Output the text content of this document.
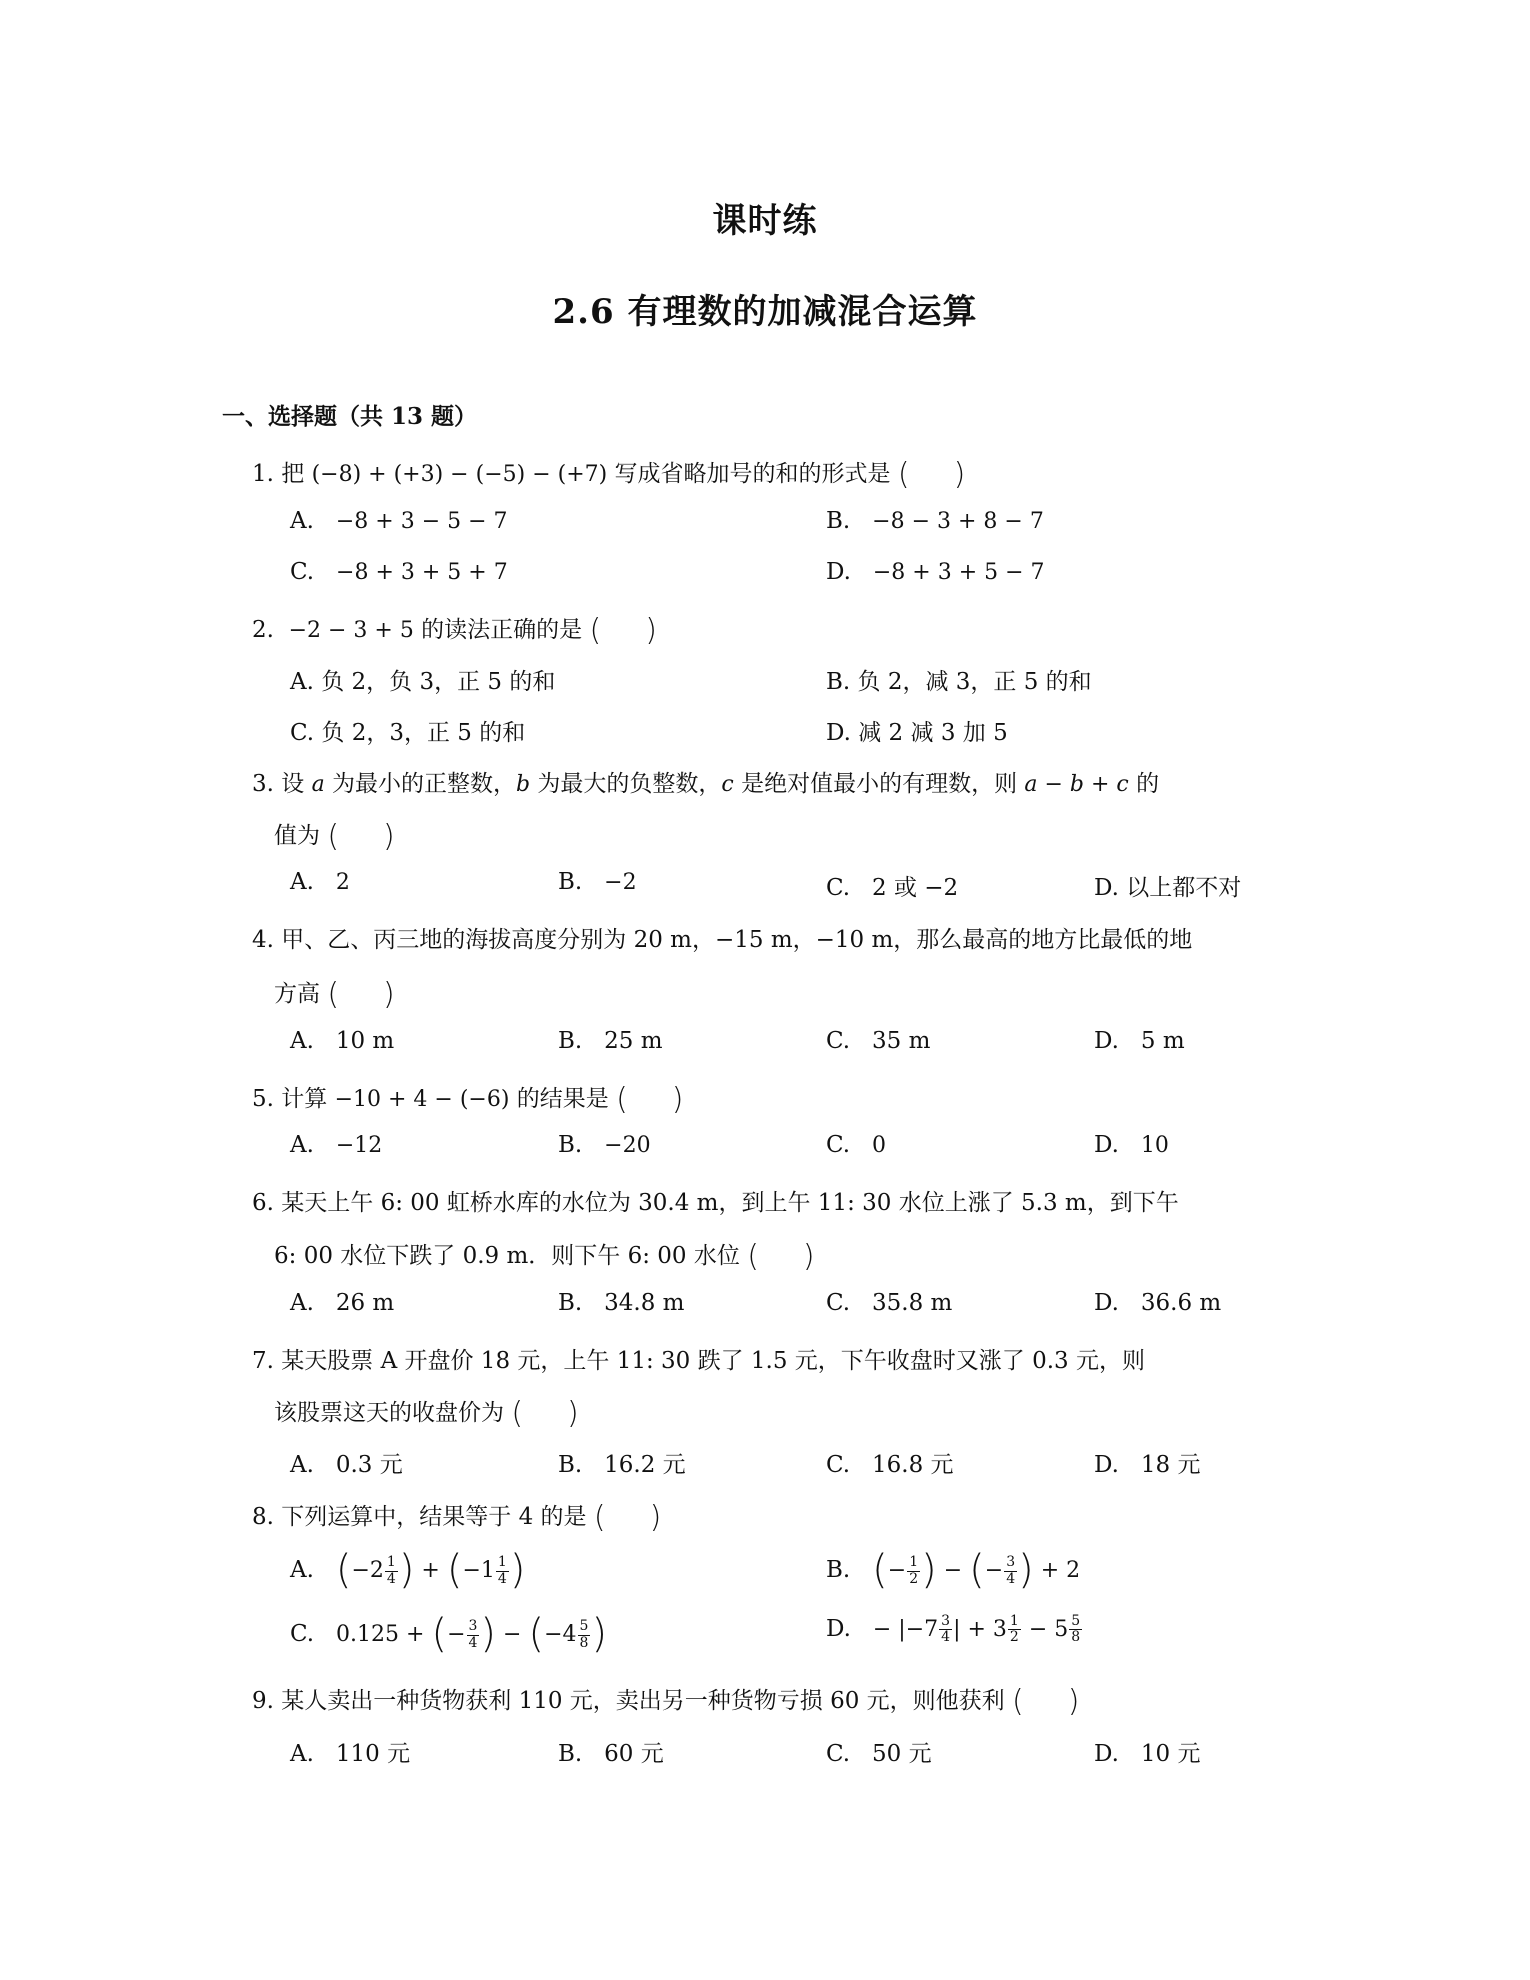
课时练
2.6 有理数的加减混合运算
一、选择题（共 13 题）
1. 把 (−8) + (+3) − (−5) − (+7) 写成省略加号的和的形式是 ( )
A. −8 + 3 − 5 − 7	B. −8 − 3 + 8 − 7
C. −8 + 3 + 5 + 7	D. −8 + 3 + 5 − 7
2. −2 − 3 + 5 的读法正确的是 ( )
A. 负 2，负 3，正 5 的和	B. 负 2，减 3，正 5 的和
C. 负 2，3，正 5 的和	D. 减 2 减 3 加 5
3. 设 a 为最小的正整数，b 为最大的负整数，c 是绝对值最小的有理数，则 a − b + c 的
值为 ( )
A. 2	B. −2	C. 2 或 −2	D. 以上都不对
4. 甲、乙、丙三地的海拔高度分别为 20 m，−15 m，−10 m，那么最高的地方比最低的地
方高 ( )
A. 10 m	B. 25 m	C. 35 m	D. 5 m
5. 计算 −10 + 4 − (−6) 的结果是 ( )
A. −12	B. −20	C. 0	D. 10
6. 某天上午 6: 00 虹桥水库的水位为 30.4 m，到上午 11: 30 水位上涨了 5.3 m，到下午
6: 00 水位下跌了 0.9 m．则下午 6: 00 水位 ( )
A. 26 m	B. 34.8 m	C. 35.8 m	D. 36.6 m
7. 某天股票 A 开盘价 18 元，上午 11: 30 跌了 1.5 元，下午收盘时又涨了 0.3 元，则
该股票这天的收盘价为 ( )
A. 0.3 元	B. 16.2 元	C. 16.8 元	D. 18 元
8. 下列运算中，结果等于 4 的是 ( )
A. ($-2 \frac{1}{4}$ ) + ($-1 \frac{1}{4}$ )	B. (− $\frac{1}{2}$ ) − (− $\frac{3}{4}$ ) + 2
C. 0.125 + (− $\frac{3}{4}$ ) − ($-4 \frac{5}{8}$ )	D. − $|-7 \frac{3}{4}$ | + $3 \frac{1}{2} - 5 \frac{5}{8}$
9. 某人卖出一种货物获利 110 元，卖出另一种货物亏损 60 元，则他获利 ( )
A. 110 元	B. 60 元	C. 50 元	D. 10 元
